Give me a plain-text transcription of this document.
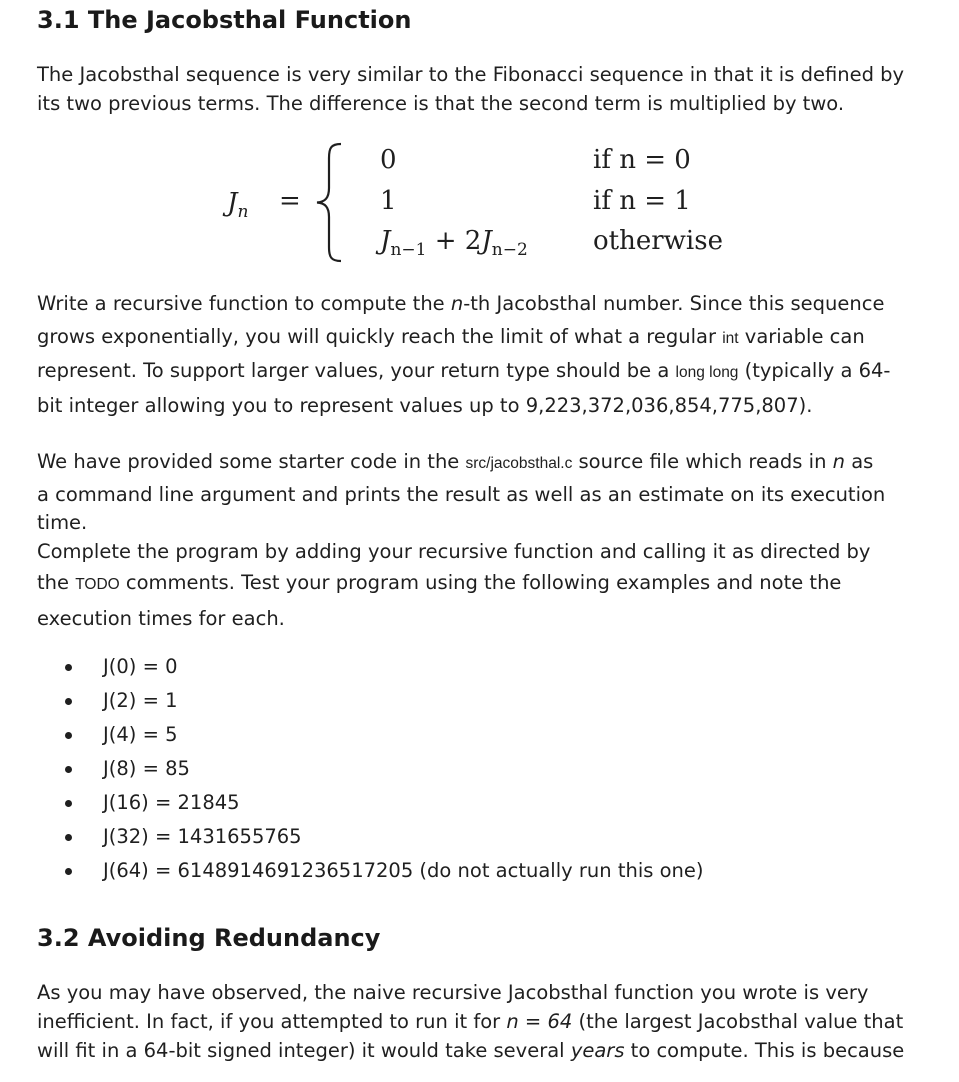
3.1 The Jacobsthal Function

The Jacobsthal sequence is very similar to the Fibonacci sequence in that it is defined by
its two previous terms. The difference is that the second term is multiplied by two.

$J_n$ =
0
1
$J_{n-1} + 2J_{n-2}$
if n = 0
if n = 1
otherwise

Write a recursive function to compute the n-th Jacobsthal number. Since this sequence
grows exponentially, you will quickly reach the limit of what a regular int variable can
represent. To support larger values, your return type should be a long long (typically a 64-
bit integer allowing you to represent values up to 9,223,372,036,854,775,807).

We have provided some starter code in the src/jacobsthal.c source file which reads in n as
a command line argument and prints the result as well as an estimate on its execution
time.

Complete the program by adding your recursive function and calling it as directed by
the TODO comments. Test your program using the following examples and note the
execution times for each.

J(0) = 0
J(2) = 1
J(4) = 5
J(8) = 85
J(16) = 21845
J(32) = 1431655765
J(64) = 6148914691236517205 (do not actually run this one)
3.2 Avoiding Redundancy

As you may have observed, the naive recursive Jacobsthal function you wrote is very
inefficient. In fact, if you attempted to run it for n = 64 (the largest Jacobsthal value that
will fit in a 64-bit signed integer) it would take several years to compute. This is because
